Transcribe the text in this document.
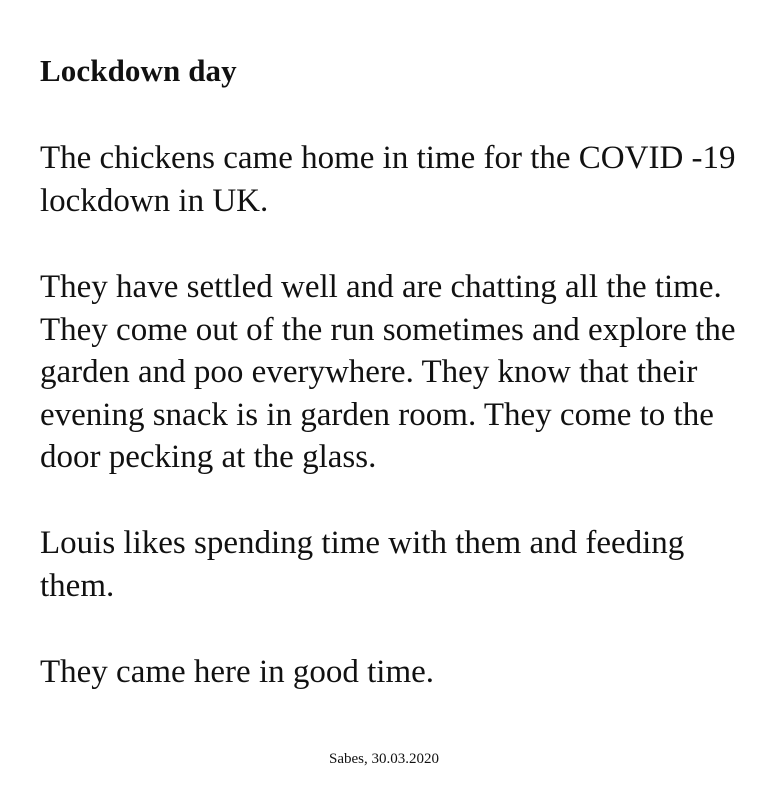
Lockdown day

The chickens came home in time for the COVID -19 lockdown in UK.

They have settled well and are chatting all the time. They come out of the run sometimes and explore the garden and poo everywhere. They know that their evening snack is in garden room. They come to the door pecking at the glass.

Louis likes spending time with them and feeding them.

They came here in good time.

Sabes, 30.03.2020
